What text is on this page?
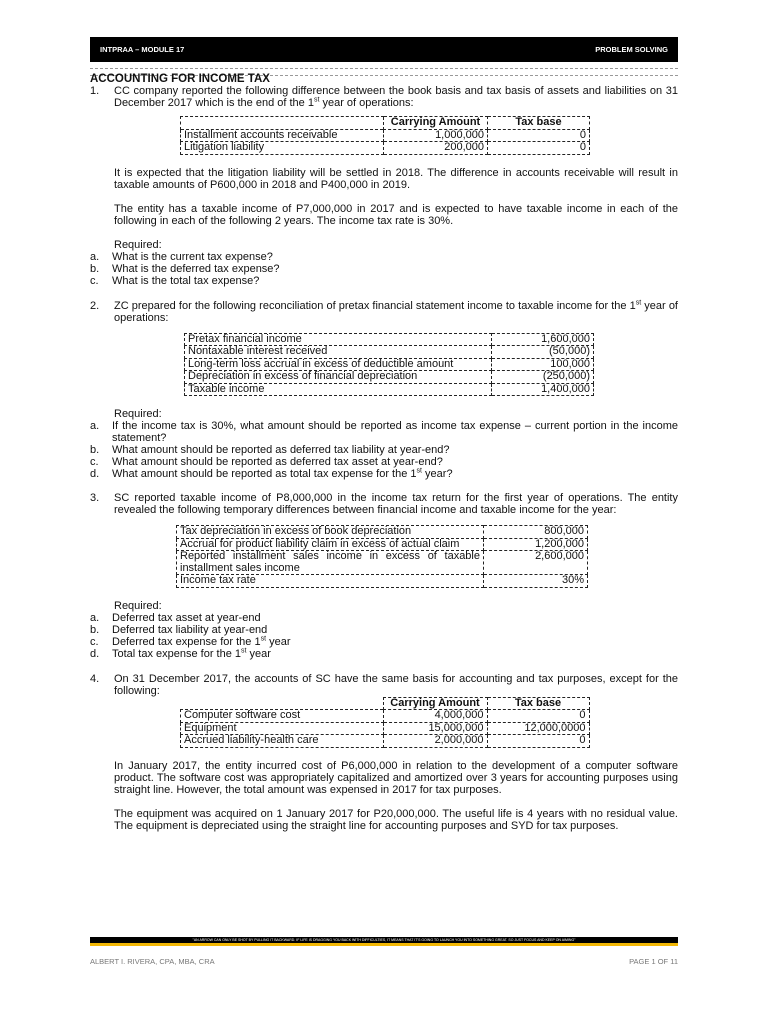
INTPRAA – MODULE 17	PROBLEM SOLVING
ACCOUNTING FOR INCOME TAX
1.	CC company reported the following difference between the book basis and tax basis of assets and liabilities on 31 December 2017 which is the end of the 1st year of operations:

	Carrying Amount	Tax base
Installment accounts receivable	1,000,000	0
Litigation liability	200,000	0

It is expected that the litigation liability will be settled in 2018. The difference in accounts receivable will result in taxable amounts of P600,000 in 2018 and P400,000 in 2019.

The entity has a taxable income of P7,000,000 in 2017 and is expected to have taxable income in each of the following in each of the following 2 years. The income tax rate is 30%.

Required:

a.	What is the current tax expense?
b.	What is the deferred tax expense?
c.	What is the total tax expense?
2.	ZC prepared for the following reconciliation of pretax financial statement income to taxable income for the 1st year of operations:

Pretax financial income	1,600,000
Nontaxable interest received	(50,000)
Long-term loss accrual in excess of deductible amount	100,000
Depreciation in excess of financial depreciation	(250,000)
Taxable income	1,400,000

Required:

a.	If the income tax is 30%, what amount should be reported as income tax expense – current portion in the income statement?
b.	What amount should be reported as deferred tax liability at year-end?
c.	What amount should be reported as deferred tax asset at year-end?
d.	What amount should be reported as total tax expense for the 1st year?
3.	SC reported taxable income of P8,000,000 in the income tax return for the first year of operations. The entity revealed the following temporary differences between financial income and taxable income for the year:

Tax depreciation in excess of book depreciation	800,000
Accrual for product liability claim in excess of actual claim	1,200,000
Reported installment sales income in excess of taxable installment sales income	2,600,000
Income tax rate	30%

Required:

a.	Deferred tax asset at year-end
b.	Deferred tax liability at year-end
c.	Deferred tax expense for the 1st year
d.	Total tax expense for the 1st year
4.	On 31 December 2017, the accounts of SC have the same basis for accounting and tax purposes, except for the following:

	Carrying Amount	Tax base
Computer software cost	4,000,000	0
Equipment	15,000,000	12,000,0000
Accrued liability-health care	2,000,000	0

In January 2017, the entity incurred cost of P6,000,000 in relation to the development of a computer software product. The software cost was appropriately capitalized and amortized over 3 years for accounting purposes using straight line. However, the total amount was expensed in 2017 for tax purposes.

The equipment was acquired on 1 January 2017 for P20,000,000. The useful life is 4 years with no residual value. The equipment is depreciated using the straight line for accounting purposes and SYD for tax purposes.

"AN ARROW CAN ONLY BE SHOT BY PULLING IT BACKWARD. IF LIFE IS DRAGGING YOU BACK WITH DIFFICULTIES, IT MEANS THAT IT'S GOING TO LAUNCH YOU INTO SOMETHING GREAT. SO JUST FOCUS AND KEEP ON AIMING"
ALBERT I. RIVERA, CPA, MBA, CRA	PAGE 1 OF 11
